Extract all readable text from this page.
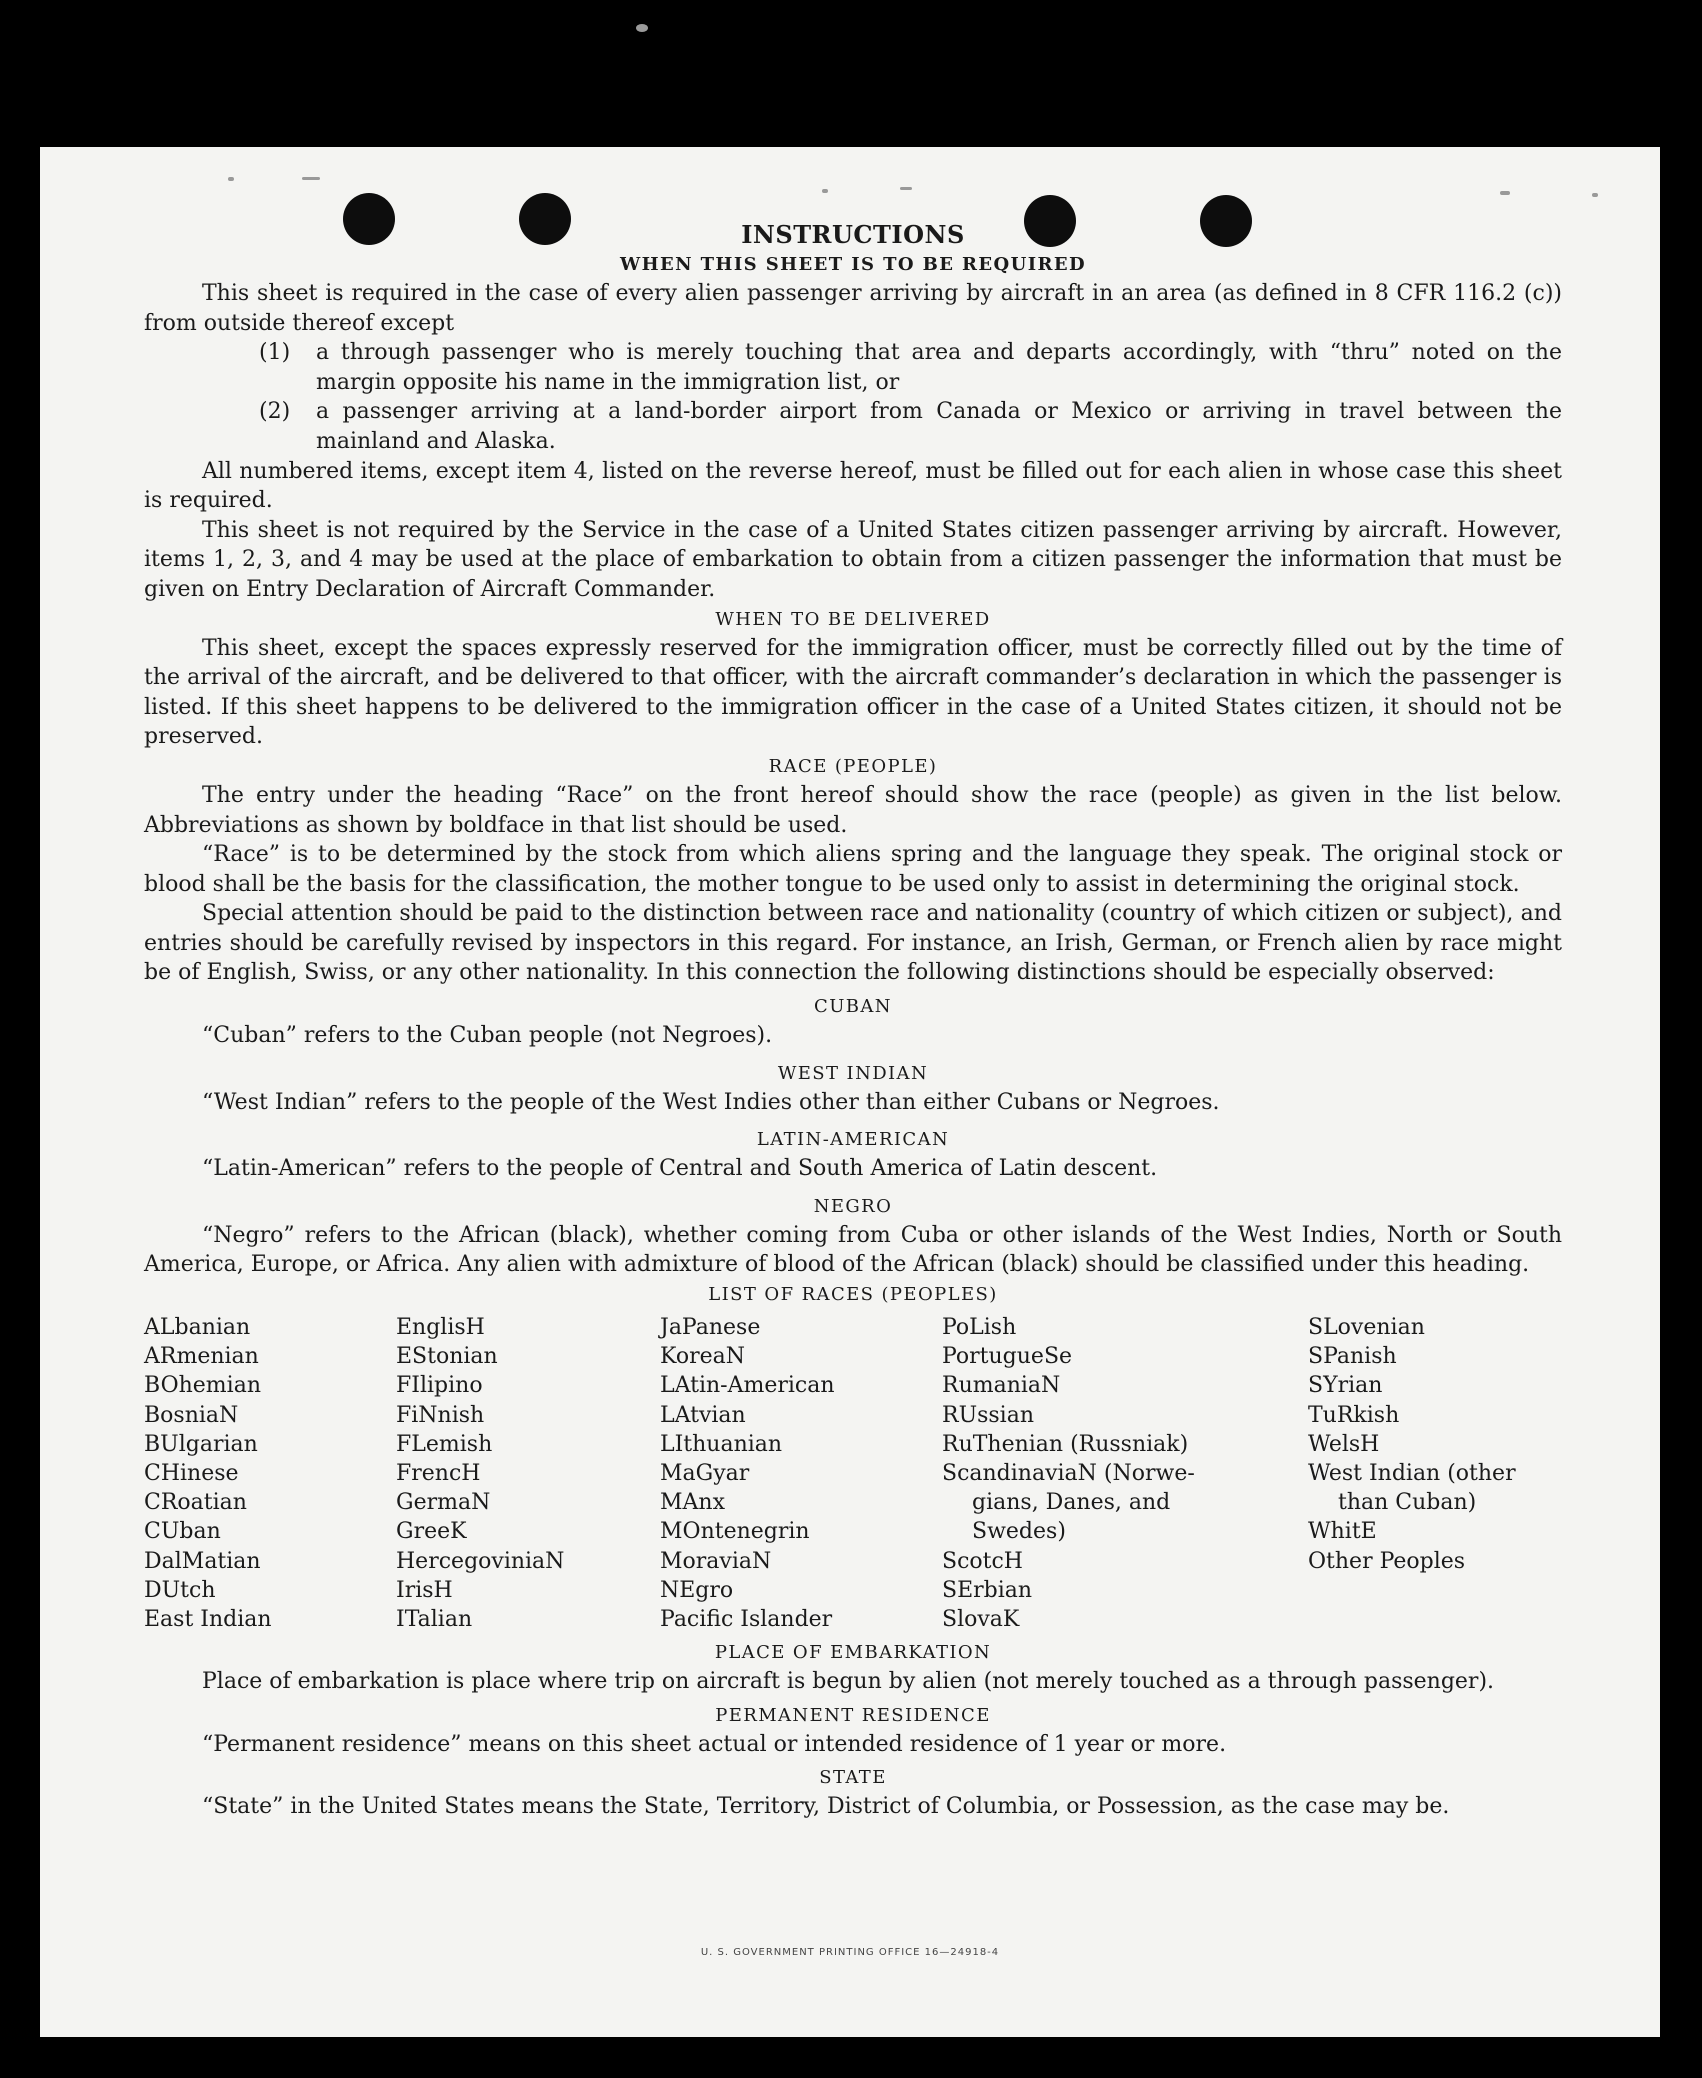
INSTRUCTIONS
WHEN THIS SHEET IS TO BE REQUIRED

This sheet is required in the case of every alien passenger arriving by aircraft in an area (as defined in 8 CFR 116.2 (c)) from outside thereof except

(1)	a through passenger who is merely touching that area and departs accordingly, with “thru” noted on the margin opposite his name in the immigration list, or
(2)	a passenger arriving at a land-border airport from Canada or Mexico or arriving in travel between the mainland and Alaska.

All numbered items, except item 4, listed on the reverse hereof, must be filled out for each alien in whose case this sheet is required.

This sheet is not required by the Service in the case of a United States citizen passenger arriving by aircraft. However, items 1, 2, 3, and 4 may be used at the place of embarkation to obtain from a citizen passenger the information that must be given on Entry Declaration of Aircraft Commander.

WHEN TO BE DELIVERED

This sheet, except the spaces expressly reserved for the immigration officer, must be correctly filled out by the time of the arrival of the aircraft, and be delivered to that officer, with the aircraft commander’s declaration in which the passenger is listed. If this sheet happens to be delivered to the immigration officer in the case of a United States citizen, it should not be preserved.

RACE (PEOPLE)

The entry under the heading “Race” on the front hereof should show the race (people) as given in the list below. Abbreviations as shown by boldface in that list should be used.

“Race” is to be determined by the stock from which aliens spring and the language they speak. The original stock or blood shall be the basis for the classification, the mother tongue to be used only to assist in determining the original stock.

Special attention should be paid to the distinction between race and nationality (country of which citizen or subject), and entries should be carefully revised by inspectors in this regard. For instance, an Irish, German, or French alien by race might be of English, Swiss, or any other nationality. In this connection the following distinctions should be especially observed:

CUBAN

“Cuban” refers to the Cuban people (not Negroes).

WEST INDIAN

“West Indian” refers to the people of the West Indies other than either Cubans or Negroes.

LATIN-AMERICAN

“Latin-American” refers to the people of Central and South America of Latin descent.

NEGRO

“Negro” refers to the African (black), whether coming from Cuba or other islands of the West Indies, North or South America, Europe, or Africa. Any alien with admixture of blood of the African (black) should be classified under this heading.

LIST OF RACES (PEOPLES)
ALbanian
ARmenian
BOhemian
BosniaN
BUlgarian
CHinese
CRoatian
CUban
DalMatian
DUtch
East Indian
EnglisH
EStonian
FIlipino
FiNnish
FLemish
FrencH
GermaN
GreeK
HercegoviniaN
IrisH
ITalian
JaPanese
KoreaN
LAtin-American
LAtvian
LIthuanian
MaGyar
MAnx
MOntenegrin
MoraviaN
NEgro
Pacific Islander
PoLish
PortugueSe
RumaniaN
RUssian
RuThenian (Russniak)
ScandinaviaN (Norwe-
gians, Danes, and
Swedes)
ScotcH
SErbian
SlovaK
SLovenian
SPanish
SYrian
TuRkish
WelsH
West Indian (other
than Cuban)
WhitE
Other Peoples
PLACE OF EMBARKATION

Place of embarkation is place where trip on aircraft is begun by alien (not merely touched as a through passenger).

PERMANENT RESIDENCE

“Permanent residence” means on this sheet actual or intended residence of 1 year or more.

STATE

“State” in the United States means the State, Territory, District of Columbia, or Possession, as the case may be.

U. S. GOVERNMENT PRINTING OFFICE 16—24918-4
